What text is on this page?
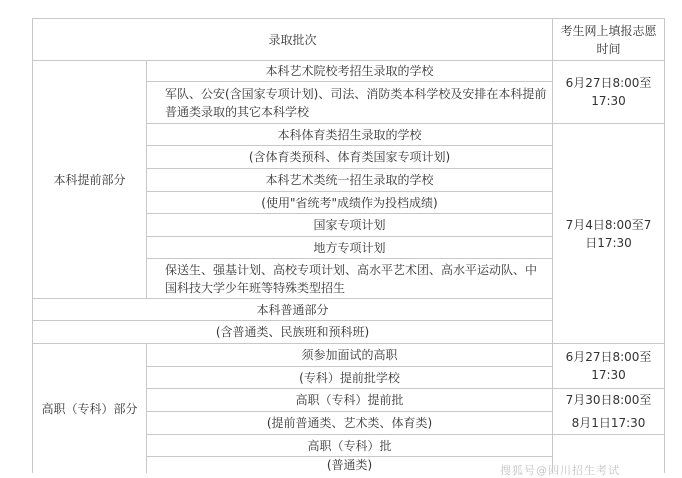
录取批次
考生网上填报志愿时间
本科提前部分
本科艺术院校考招生录取的学校
军队、公安(含国家专项计划)、司法、消防类本科学校及安排在本科提前普通类录取的其它本科学校
本科体育类招生录取的学校
(含体育类预科、体育类国家专项计划)
本科艺术类统一招生录取的学校
(使用"省统考"成绩作为投档成绩)
国家专项计划
地方专项计划
保送生、强基计划、高校专项计划、高水平艺术团、高水平运动队、中国科技大学少年班等特殊类型招生
6月27日8:00至17:30
7月4日8:00至7日17:30
本科普通部分
(含普通类、民族班和预科班)
高职（专科）部分
须参加面试的高职
(专科）提前批学校
高职（专科）提前批
(提前普通类、艺术类、体育类)
高职（专科）批
(普通类)
6月27日8:00至17:30
7月30日8:00至
8月1日17:30
搜狐号@四川招生考试
